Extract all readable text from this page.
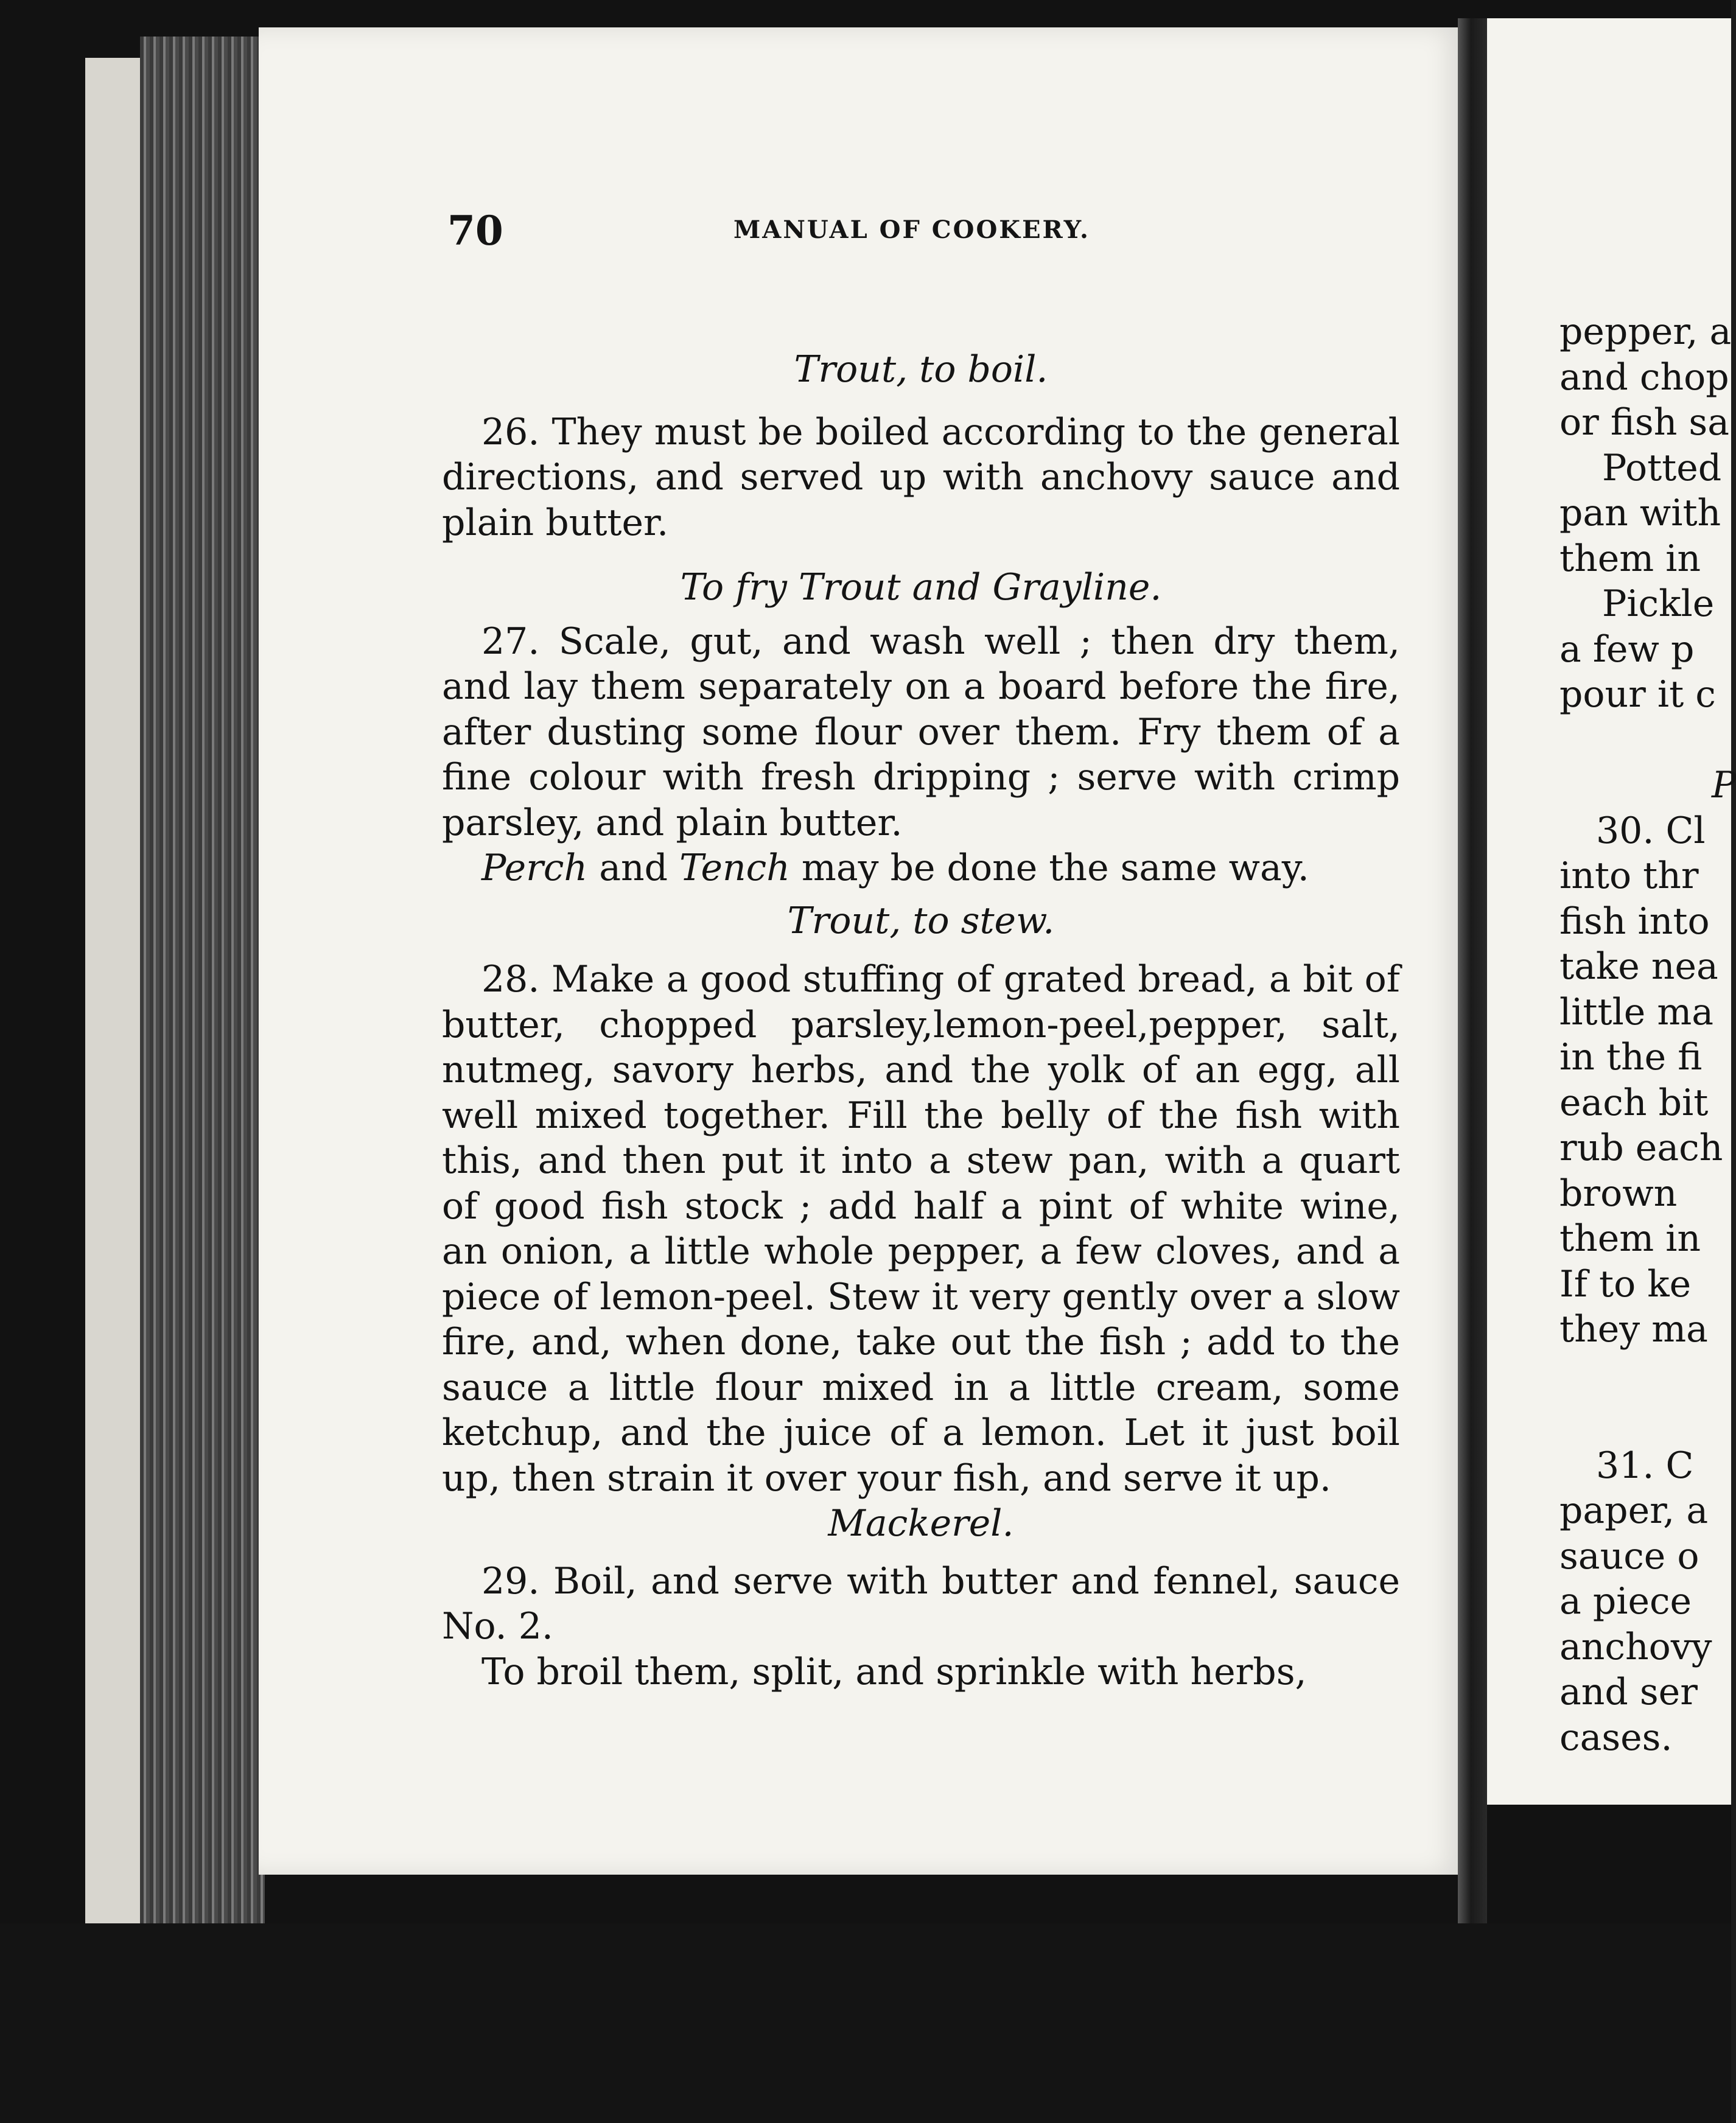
70	MANUAL OF COOKERY.

Trout, to boil.

26. They must be boiled according to the general directions, and served up with anchovy sauce and plain butter.

To fry Trout and Grayline.

27. Scale, gut, and wash well ; then dry them, and lay them separately on a board before the fire, after dusting some flour over them. Fry them of a fine colour with fresh dripping ; serve with crimp parsley, and plain butter.

Perch and Tench may be done the same way.

Trout, to stew.

28. Make a good stuffing of grated bread, a bit of butter, chopped parsley,lemon-peel,pepper, salt, nutmeg, savory herbs, and the yolk of an egg, all well mixed together. Fill the belly of the fish with this, and then put it into a stew pan, with a quart of good fish stock ; add half a pint of white wine, an onion, a little whole pepper, a few cloves, and a piece of lemon-peel. Stew it very gently over a slow fire, and, when done, take out the fish ; add to the sauce a little flour mixed in a little cream, some ketchup, and the juice of a lemon. Let it just boil up, then strain it over your fish, and serve it up.

Mackerel.

29. Boil, and serve with butter and fennel, sauce No. 2.

To broil them, split, and sprinkle with herbs,

pepper, a
and chop
or fish sa
Potted
pan with
them in
Pickle
a few p
pour it c
P
30. Cl
into thr
fish into
take nea
little ma
in the fi
each bit
rub each
brown
them in
If to ke
they ma
31. C
paper, a
sauce o
a piece
anchovy
and ser
cases.
